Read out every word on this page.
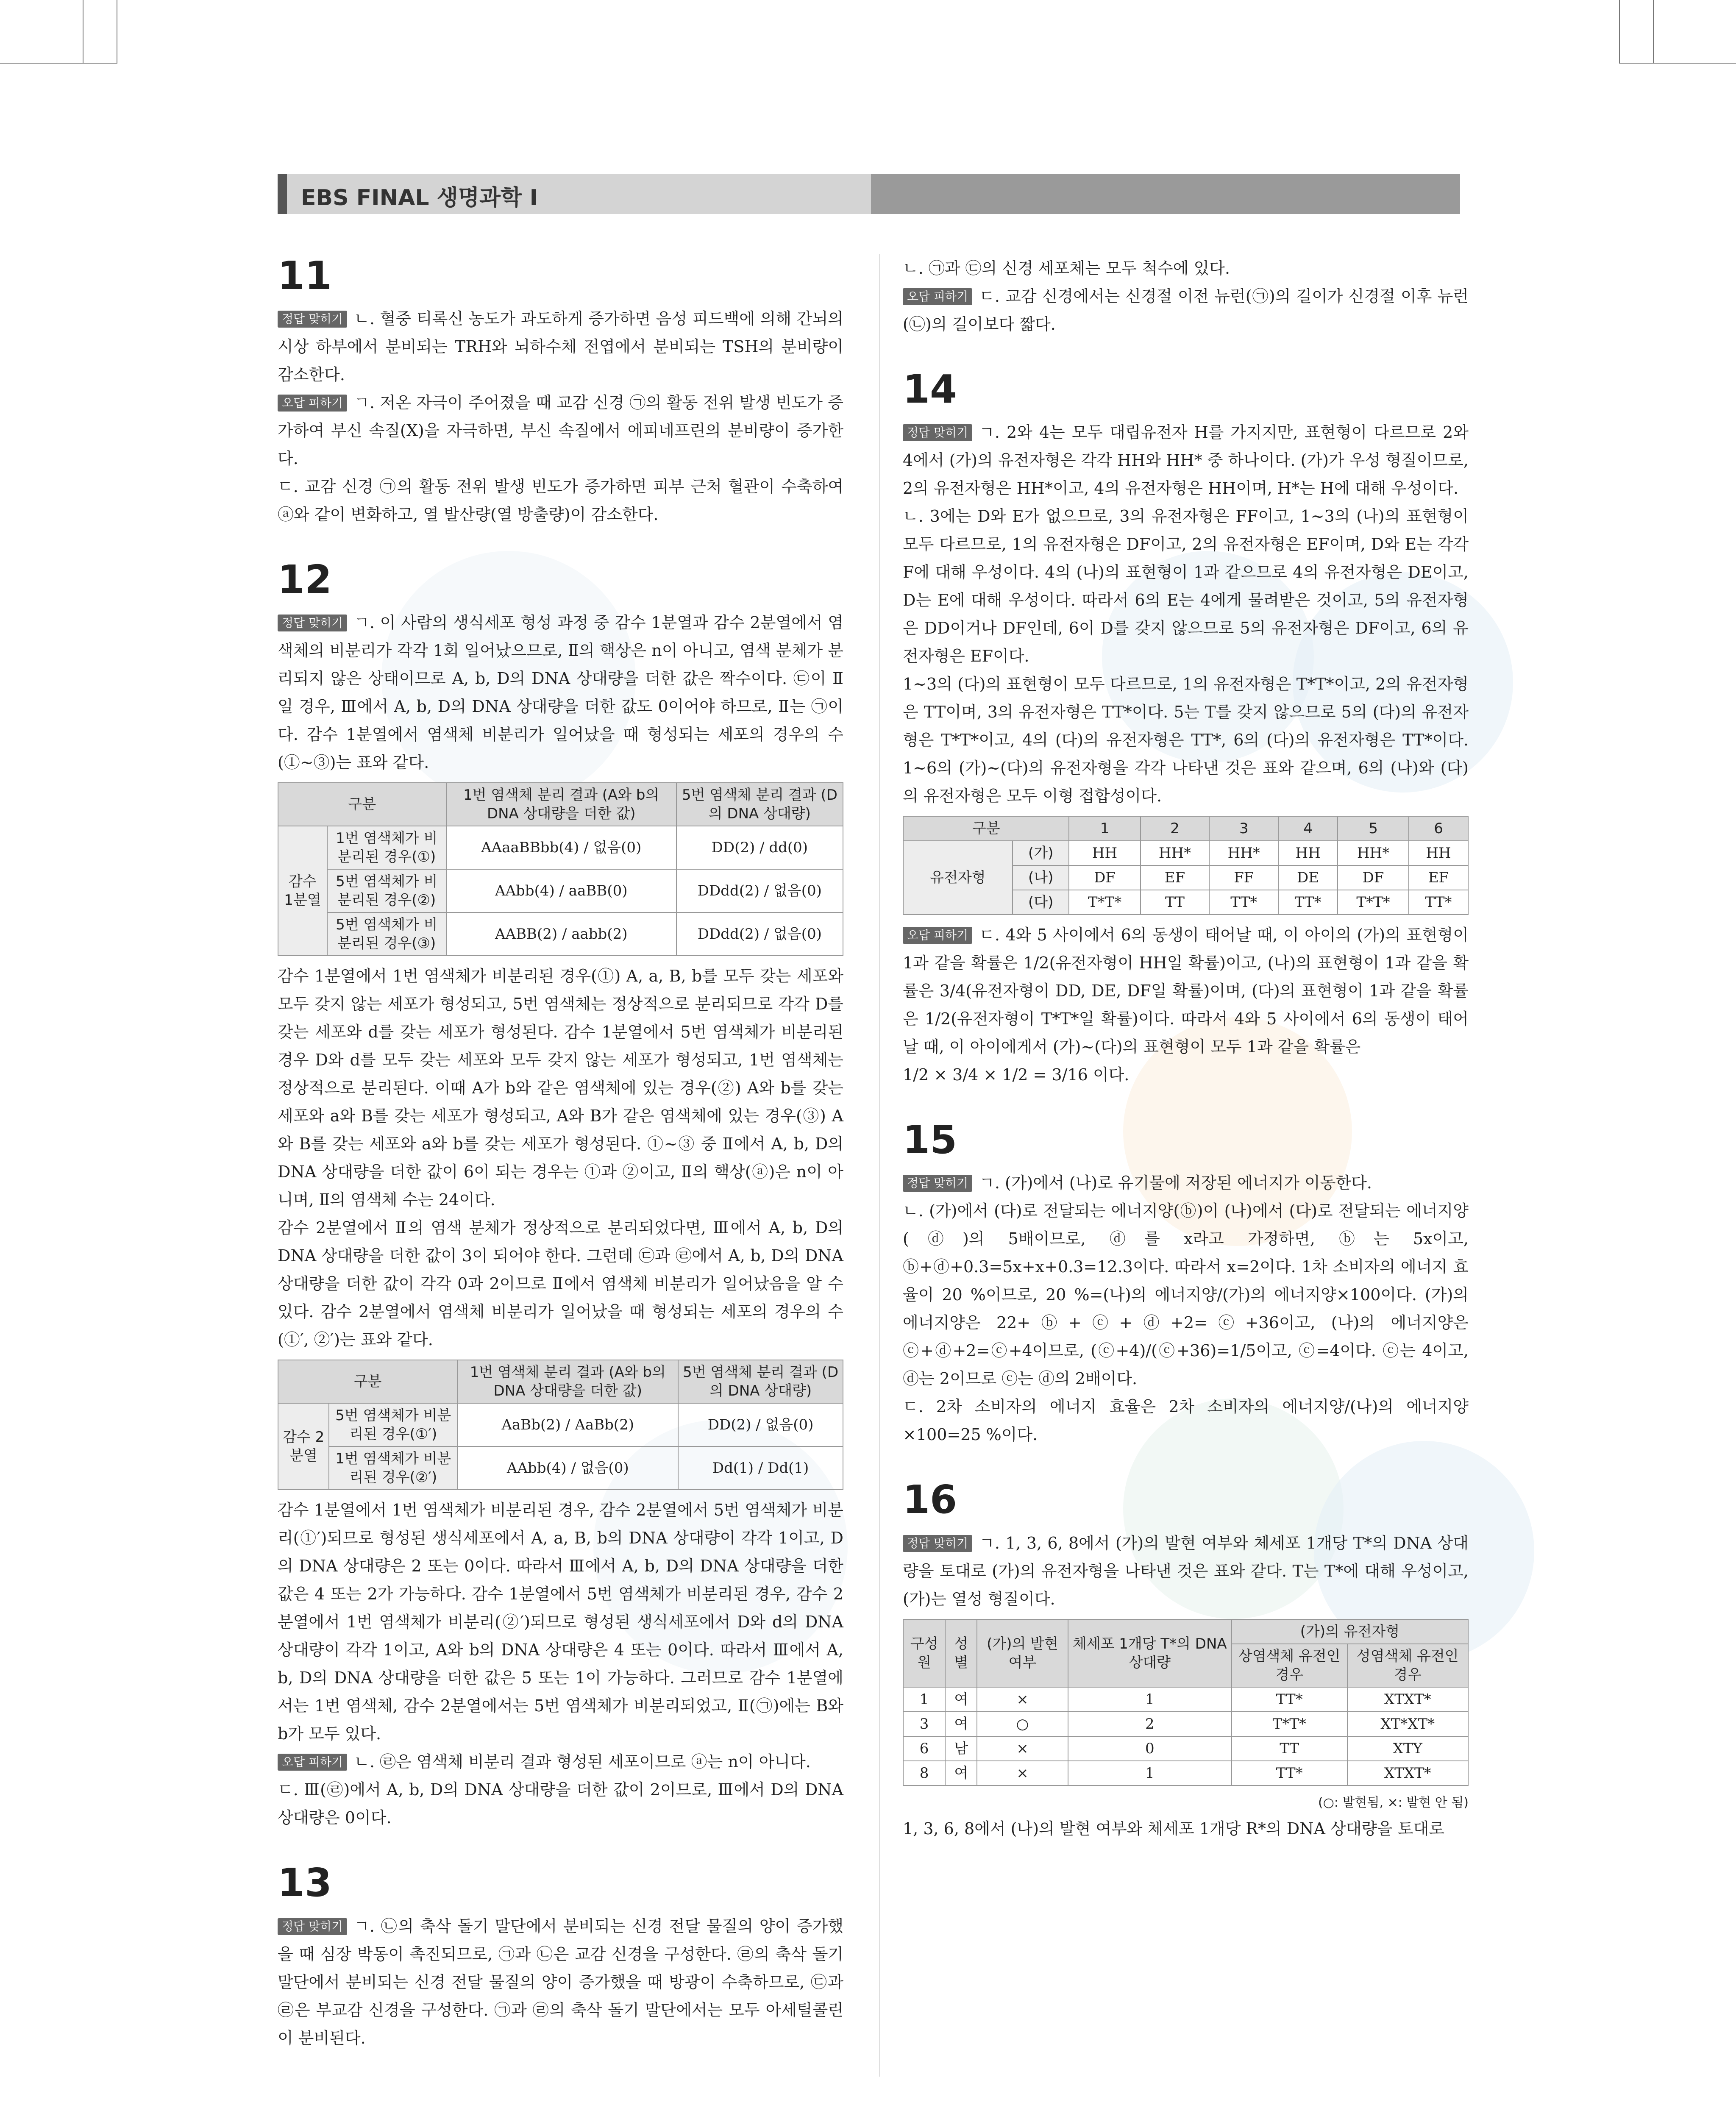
EBS FINAL 생명과학 Ⅰ
11

정답 맞히기 ㄴ. 혈중 티록신 농도가 과도하게 증가하면 음성 피드백에 의해 간뇌의 시상 하부에서 분비되는 TRH와 뇌하수체 전엽에서 분비되는 TSH의 분비량이 감소한다.

오답 피하기 ㄱ. 저온 자극이 주어졌을 때 교감 신경 ㉠의 활동 전위 발생 빈도가 증가하여 부신 속질(X)을 자극하면, 부신 속질에서 에피네프린의 분비량이 증가한다.

ㄷ. 교감 신경 ㉠의 활동 전위 발생 빈도가 증가하면 피부 근처 혈관이 수축하여 ⓐ와 같이 변화하고, 열 발산량(열 방출량)이 감소한다.

12

정답 맞히기 ㄱ. 이 사람의 생식세포 형성 과정 중 감수 1분열과 감수 2분열에서 염색체의 비분리가 각각 1회 일어났으므로, Ⅱ의 핵상은 n이 아니고, 염색 분체가 분리되지 않은 상태이므로 A, b, D의 DNA 상대량을 더한 값은 짝수이다. ㉢이 Ⅱ일 경우, Ⅲ에서 A, b, D의 DNA 상대량을 더한 값도 0이어야 하므로, Ⅱ는 ㉠이다. 감수 1분열에서 염색체 비분리가 일어났을 때 형성되는 세포의 경우의 수(①~③)는 표와 같다.

구분		1번 염색체 분리 결과 (A와 b의 DNA 상대량을 더한 값)	5번 염색체 분리 결과 (D의 DNA 상대량)
감수 1분열	1번 염색체가 비분리된 경우(①)	AAaaBBbb(4) / 없음(0)	DD(2) / dd(0)
	5번 염색체가 비분리된 경우(②)	AAbb(4) / aaBB(0)	DDdd(2) / 없음(0)
	5번 염색체가 비분리된 경우(③)	AABB(2) / aabb(2)	DDdd(2) / 없음(0)

감수 1분열에서 1번 염색체가 비분리된 경우(①) A, a, B, b를 모두 갖는 세포와 모두 갖지 않는 세포가 형성되고, 5번 염색체는 정상적으로 분리되므로 각각 D를 갖는 세포와 d를 갖는 세포가 형성된다. 감수 1분열에서 5번 염색체가 비분리된 경우 D와 d를 모두 갖는 세포와 모두 갖지 않는 세포가 형성되고, 1번 염색체는 정상적으로 분리된다. 이때 A가 b와 같은 염색체에 있는 경우(②) A와 b를 갖는 세포와 a와 B를 갖는 세포가 형성되고, A와 B가 같은 염색체에 있는 경우(③) A와 B를 갖는 세포와 a와 b를 갖는 세포가 형성된다. ①~③ 중 Ⅱ에서 A, b, D의 DNA 상대량을 더한 값이 6이 되는 경우는 ①과 ②이고, Ⅱ의 핵상(ⓐ)은 n이 아니며, Ⅱ의 염색체 수는 24이다.

감수 2분열에서 Ⅱ의 염색 분체가 정상적으로 분리되었다면, Ⅲ에서 A, b, D의 DNA 상대량을 더한 값이 3이 되어야 한다. 그런데 ㉢과 ㉣에서 A, b, D의 DNA 상대량을 더한 값이 각각 0과 2이므로 Ⅱ에서 염색체 비분리가 일어났음을 알 수 있다. 감수 2분열에서 염색체 비분리가 일어났을 때 형성되는 세포의 경우의 수(①′, ②′)는 표와 같다.

구분		1번 염색체 분리 결과 (A와 b의 DNA 상대량을 더한 값)	5번 염색체 분리 결과 (D의 DNA 상대량)
감수 2분열	5번 염색체가 비분리된 경우(①′)	AaBb(2) / AaBb(2)	DD(2) / 없음(0)
	1번 염색체가 비분리된 경우(②′)	AAbb(4) / 없음(0)	Dd(1) / Dd(1)

감수 1분열에서 1번 염색체가 비분리된 경우, 감수 2분열에서 5번 염색체가 비분리(①′)되므로 형성된 생식세포에서 A, a, B, b의 DNA 상대량이 각각 1이고, D의 DNA 상대량은 2 또는 0이다. 따라서 Ⅲ에서 A, b, D의 DNA 상대량을 더한 값은 4 또는 2가 가능하다. 감수 1분열에서 5번 염색체가 비분리된 경우, 감수 2분열에서 1번 염색체가 비분리(②′)되므로 형성된 생식세포에서 D와 d의 DNA 상대량이 각각 1이고, A와 b의 DNA 상대량은 4 또는 0이다. 따라서 Ⅲ에서 A, b, D의 DNA 상대량을 더한 값은 5 또는 1이 가능하다. 그러므로 감수 1분열에서는 1번 염색체, 감수 2분열에서는 5번 염색체가 비분리되었고, Ⅱ(㉠)에는 B와 b가 모두 있다.

오답 피하기 ㄴ. ㉣은 염색체 비분리 결과 형성된 세포이므로 ⓐ는 n이 아니다.

ㄷ. Ⅲ(㉣)에서 A, b, D의 DNA 상대량을 더한 값이 2이므로, Ⅲ에서 D의 DNA 상대량은 0이다.

13

정답 맞히기 ㄱ. ㉡의 축삭 돌기 말단에서 분비되는 신경 전달 물질의 양이 증가했을 때 심장 박동이 촉진되므로, ㉠과 ㉡은 교감 신경을 구성한다. ㉣의 축삭 돌기 말단에서 분비되는 신경 전달 물질의 양이 증가했을 때 방광이 수축하므로, ㉢과 ㉣은 부교감 신경을 구성한다. ㉠과 ㉣의 축삭 돌기 말단에서는 모두 아세틸콜린이 분비된다.

ㄴ. ㉠과 ㉢의 신경 세포체는 모두 척수에 있다.

오답 피하기 ㄷ. 교감 신경에서는 신경절 이전 뉴런(㉠)의 길이가 신경절 이후 뉴런(㉡)의 길이보다 짧다.

14

정답 맞히기 ㄱ. 2와 4는 모두 대립유전자 H를 가지지만, 표현형이 다르므로 2와 4에서 (가)의 유전자형은 각각 HH와 HH* 중 하나이다. (가)가 우성 형질이므로, 2의 유전자형은 HH*이고, 4의 유전자형은 HH이며, H*는 H에 대해 우성이다.

ㄴ. 3에는 D와 E가 없으므로, 3의 유전자형은 FF이고, 1~3의 (나)의 표현형이 모두 다르므로, 1의 유전자형은 DF이고, 2의 유전자형은 EF이며, D와 E는 각각 F에 대해 우성이다. 4의 (나)의 표현형이 1과 같으므로 4의 유전자형은 DE이고, D는 E에 대해 우성이다. 따라서 6의 E는 4에게 물려받은 것이고, 5의 유전자형은 DD이거나 DF인데, 6이 D를 갖지 않으므로 5의 유전자형은 DF이고, 6의 유전자형은 EF이다.

1~3의 (다)의 표현형이 모두 다르므로, 1의 유전자형은 T*T*이고, 2의 유전자형은 TT이며, 3의 유전자형은 TT*이다. 5는 T를 갖지 않으므로 5의 (다)의 유전자형은 T*T*이고, 4의 (다)의 유전자형은 TT*, 6의 (다)의 유전자형은 TT*이다. 1~6의 (가)~(다)의 유전자형을 각각 나타낸 것은 표와 같으며, 6의 (나)와 (다)의 유전자형은 모두 이형 접합성이다.

구분		1	2	3	4	5	6
유전자형	(가)	HH	HH*	HH*	HH	HH*	HH
	(나)	DF	EF	FF	DE	DF	EF
	(다)	T*T*	TT	TT*	TT*	T*T*	TT*

오답 피하기 ㄷ. 4와 5 사이에서 6의 동생이 태어날 때, 이 아이의 (가)의 표현형이 1과 같을 확률은 1/2(유전자형이 HH일 확률)이고, (나)의 표현형이 1과 같을 확률은 3/4(유전자형이 DD, DE, DF일 확률)이며, (다)의 표현형이 1과 같을 확률은 1/2(유전자형이 T*T*일 확률)이다. 따라서 4와 5 사이에서 6의 동생이 태어날 때, 이 아이에게서 (가)~(다)의 표현형이 모두 1과 같을 확률은

1/2 × 3/4 × 1/2 = 3/16 이다.

15

정답 맞히기 ㄱ. (가)에서 (나)로 유기물에 저장된 에너지가 이동한다.

ㄴ. (가)에서 (다)로 전달되는 에너지양(ⓑ)이 (나)에서 (다)로 전달되는 에너지양(ⓓ)의 5배이므로, ⓓ를 x라고 가정하면, ⓑ는 5x이고, ⓑ+ⓓ+0.3=5x+x+0.3=12.3이다. 따라서 x=2이다. 1차 소비자의 에너지 효율이 20 %이므로, 20 %=(나)의 에너지양/(가)의 에너지양×100이다. (가)의 에너지양은 22+ⓑ+ⓒ+ⓓ+2=ⓒ+36이고, (나)의 에너지양은 ⓒ+ⓓ+2=ⓒ+4이므로, (ⓒ+4)/(ⓒ+36)=1/5이고, ⓒ=4이다. ⓒ는 4이고, ⓓ는 2이므로 ⓒ는 ⓓ의 2배이다.

ㄷ. 2차 소비자의 에너지 효율은 2차 소비자의 에너지양/(나)의 에너지양×100=25 %이다.

16

정답 맞히기 ㄱ. 1, 3, 6, 8에서 (가)의 발현 여부와 체세포 1개당 T*의 DNA 상대량을 토대로 (가)의 유전자형을 나타낸 것은 표와 같다. T는 T*에 대해 우성이고, (가)는 열성 형질이다.

구성원	성별	(가)의 발현 여부	체세포 1개당 T*의 DNA 상대량	(가)의 유전자형	
				상염색체 유전인 경우	성염색체 유전인 경우
1	여	×	1	TT*	XTXT*
3	여	○	2	T*T*	XT*XT*
6	남	×	0	TT	XTY
8	여	×	1	TT*	XTXT*
(○: 발현됨, ×: 발현 안 됨)

1, 3, 6, 8에서 (나)의 발현 여부와 체세포 1개당 R*의 DNA 상대량을 토대로
